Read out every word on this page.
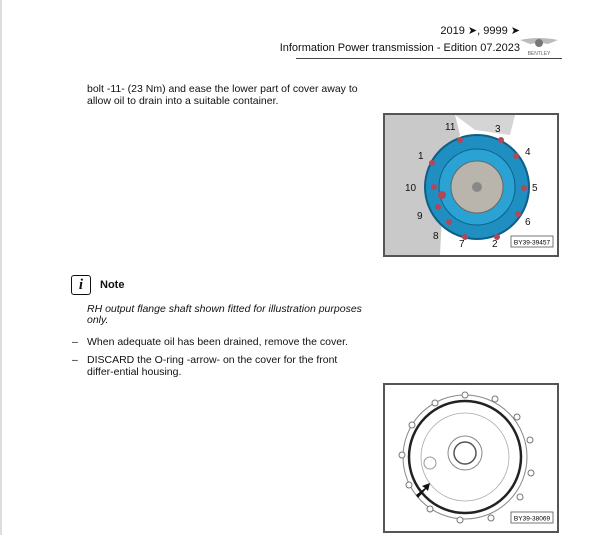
2019 ➤, 9999 ➤
Information Power transmission - Edition 07.2023 BENTLEY
bolt -11- (23 Nm) and ease the lower part of cover away to allow oil to drain into a suitable container.
i	Note
RH output flange shaft shown fitted for illustration purposes only.
– When adequate oil has been drained, remove the cover.
– DISCARD the O-ring -arrow- on the cover for the front differ-ential housing.
1
2
3
4
5
6
7
8
9
10
11
BY39-39457
BY39-38069
